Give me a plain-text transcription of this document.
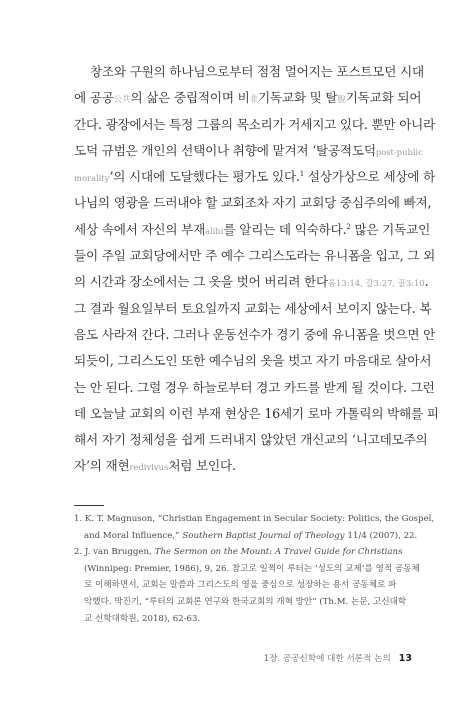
창조와 구원의 하나님으로부터 점점 멀어지는 포스트모던 시대
에 공공公共의 삶은 중립적이며 비非기독교화 및 탈脫기독교화 되어
간다. 광장에서는 특정 그룹의 목소리가 거세지고 있다. 뿐만 아니라
도덕 규범은 개인의 선택이나 취향에 맡겨져 ‘탈공적도덕post-public
morality’의 시대에 도달했다는 평가도 있다.$^1$ 설상가상으로 세상에 하
나님의 영광을 드러내야 할 교회조차 자기 교회당 중심주의에 빠져,
세상 속에서 자신의 부재alibi를 알리는 데 익숙하다.$^2$ 많은 기독교인
들이 주일 교회당에서만 주 예수 그리스도라는 유니폼을 입고, 그 외
의 시간과 장소에서는 그 옷을 벗어 버리려 한다롬13:14, 갈3:27, 골3:10.
그 결과 월요일부터 토요일까지 교회는 세상에서 보이지 않는다. 복
음도 사라져 간다. 그러나 운동선수가 경기 중에 유니폼을 벗으면 안
되듯이, 그리스도인 또한 예수님의 옷을 벗고 자기 마음대로 살아서
는 안 된다. 그럴 경우 하늘로부터 경고 카드를 받게 될 것이다. 그런
데 오늘날 교회의 이런 부재 현상은 16세기 로마 가톨릭의 박해를 피
해서 자기 정체성을 쉽게 드러내지 않았던 개신교의 ‘니고데모주의
자’의 재현redivivus처럼 보인다.
1. K. T. Magnuson, “Christian Engagement in Secular Society: Politics, the Gospel,
and Moral Influence,” Southern Baptist Journal of Theology 11/4 (2007), 22.
2. J. van Bruggen, The Sermon on the Mount: A Travel Guide for Christians
(Winnipeg: Premier, 1986), 9, 26. 참고로 일찍이 루터는 ‘성도의 교제’를 영적 공동체
로 이해하면서, 교회는 말씀과 그리스도의 영을 중심으로 성장하는 용서 공동체로 파
악했다. 박진기, “루터의 교회론 연구와 한국교회의 개혁 방안” (Th.M. 논문, 고신대학
교 신학대학원, 2018), 62-63.
1장. 공공신학에 대한 서론적 논의 13
